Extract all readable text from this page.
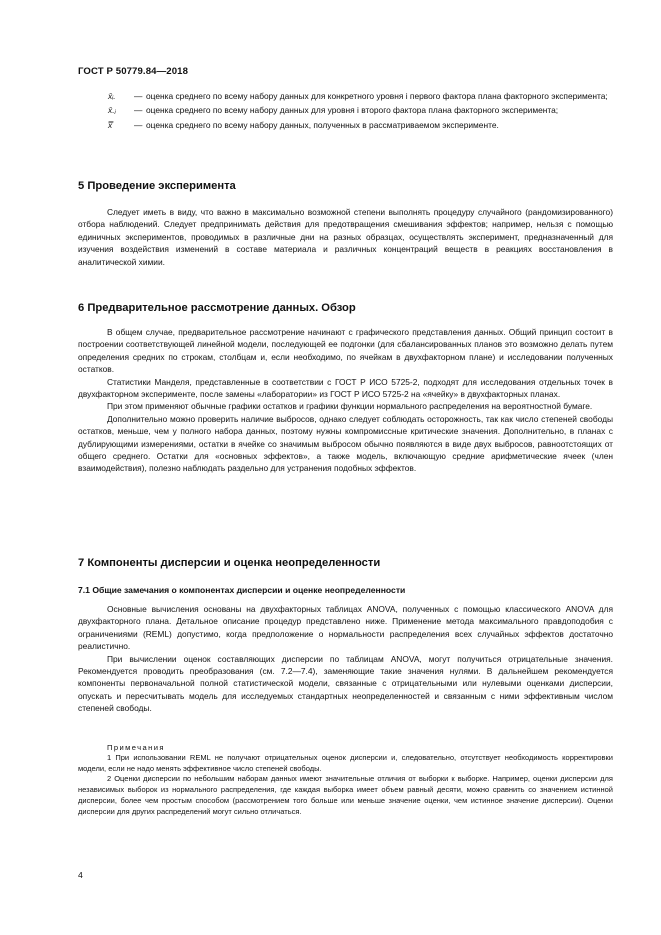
ГОСТ Р 50779.84—2018
x̄ᵢ.	— оценка среднего по всему набору данных для конкретного уровня i первого фактора плана факторного эксперимента;
x̄.ⱼ	— оценка среднего по всему набору данных для уровня i второго фактора плана факторного эксперимента;
x̿	— оценка среднего по всему набору данных, полученных в рассматриваемом эксперименте.
5 Проведение эксперимента

Следует иметь в виду, что важно в максимально возможной степени выполнять процедуру случайного (рандомизированного) отбора наблюдений. Следует предпринимать действия для предотвращения смешивания эффектов; например, нельзя с помощью единичных экспериментов, проводимых в различные дни на разных образцах, осуществлять эксперимент, предназначенный для изучения воздействия изменений в составе материала и различных концентраций веществ в реакциях восстановления в аналитической химии.

6 Предварительное рассмотрение данных. Обзор

В общем случае, предварительное рассмотрение начинают с графического представления данных. Общий принцип состоит в построении соответствующей линейной модели, последующей ее подгонки (для сбалансированных планов это возможно делать путем определения средних по строкам, столбцам и, если необходимо, по ячейкам в двухфакторном плане) и исследовании полученных остатков.

Статистики Манделя, представленные в соответствии с ГОСТ Р ИСО 5725-2, подходят для исследования отдельных точек в двухфакторном эксперименте, после замены «лаборатории» из ГОСТ Р ИСО 5725-2 на «ячейку» в двухфакторных планах.

При этом применяют обычные графики остатков и графики функции нормального распределения на вероятностной бумаге.

Дополнительно можно проверить наличие выбросов, однако следует соблюдать осторожность, так как число степеней свободы остатков, меньше, чем у полного набора данных, поэтому нужны компромиссные критические значения. Дополнительно, в планах с дублирующими измерениями, остатки в ячейке со значимым выбросом обычно появляются в виде двух выбросов, равноотстоящих от общего среднего. Остатки для «основных эффектов», а также модель, включающую средние арифметические ячеек (член взаимодействия), полезно наблюдать раздельно для устранения подобных эффектов.

7 Компоненты дисперсии и оценка неопределенности
7.1 Общие замечания о компонентах дисперсии и оценке неопределенности

Основные вычисления основаны на двухфакторных таблицах ANOVA, полученных с помощью классического ANOVA для двухфакторного плана. Детальное описание процедур представлено ниже. Применение метода максимального правдоподобия с ограничениями (REML) допустимо, когда предположение о нормальности распределения всех случайных эффектов достаточно реалистично.

При вычислении оценок составляющих дисперсии по таблицам ANOVA, могут получиться отрицательные значения. Рекомендуется проводить преобразования (см. 7.2—7.4), заменяющие такие значения нулями. В дальнейшем рекомендуется компоненты первоначальной полной статистической модели, связанные с отрицательными или нулевыми оценками дисперсии, опускать и пересчитывать модель для исследуемых стандартных неопределенностей и связанным с ними эффективным числом степеней свободы.

Примечания

1 При использовании REML не получают отрицательных оценок дисперсии и, следовательно, отсутствует необходимость корректировки модели, если не надо менять эффективное число степеней свободы.

2 Оценки дисперсии по небольшим наборам данных имеют значительные отличия от выборки к выборке. Например, оценки дисперсии для независимых выборок из нормального распределения, где каждая выборка имеет объем равный десяти, можно сравнить со значением истинной дисперсии, более чем простым способом (рассмотрением того больше или меньше значение оценки, чем истинное значение дисперсии). Оценки дисперсии для других распределений могут сильно отличаться.

4
